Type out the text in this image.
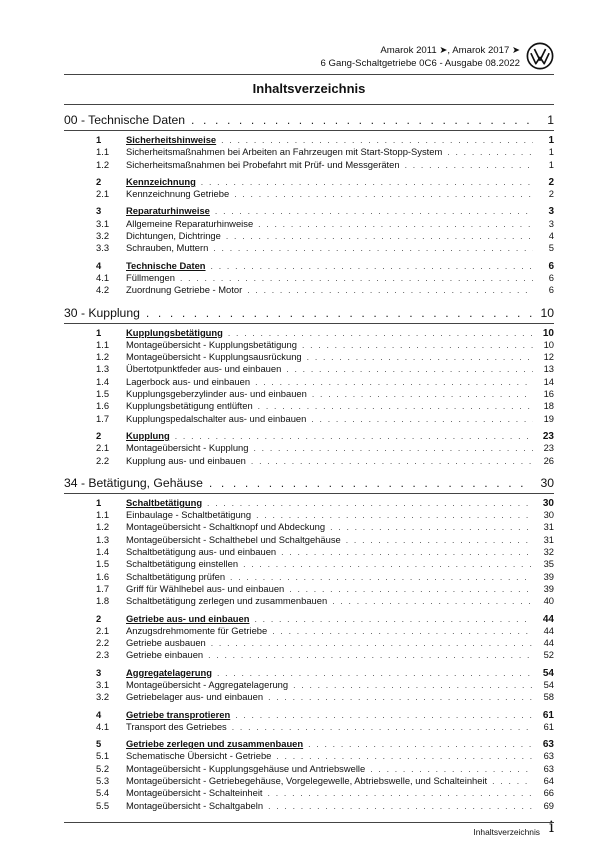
Amarok 2011 ➤, Amarok 2017 ➤
6 Gang-Schaltgetriebe 0C6 - Ausgabe 08.2022
Inhaltsverzeichnis
00 - Technische Daten . . .	1
1	Sicherheitshinweise . . .	1
1.1	Sicherheitsmaßnahmen bei Arbeiten an Fahrzeugen mit Start-Stopp-System . . .	1
1.2	Sicherheitsmaßnahmen bei Probefahrt mit Prüf- und Messgeräten . . .	1
2	Kennzeichnung . . .	2
2.1	Kennzeichnung Getriebe . . .	2
3	Reparaturhinweise . . .	3
3.1	Allgemeine Reparaturhinweise . . .	3
3.2	Dichtungen, Dichtringe . . .	4
3.3	Schrauben, Muttern . . .	5
4	Technische Daten . . .	6
4.1	Füllmengen . . .	6
4.2	Zuordnung Getriebe - Motor . . .	6
30 - Kupplung . . .	10
1	Kupplungsbetätigung . . .	10
1.1	Montageübersicht - Kupplungsbetätigung . . .	10
1.2	Montageübersicht - Kupplungsausrückung . . .	12
1.3	Übertotpunktfeder aus- und einbauen . . .	13
1.4	Lagerbock aus- und einbauen . . .	14
1.5	Kupplungsgeberzylinder aus- und einbauen . . .	16
1.6	Kupplungsbetätigung entlüften . . .	18
1.7	Kupplungspedalschalter aus- und einbauen . . .	19
2	Kupplung . . .	23
2.1	Montageübersicht - Kupplung . . .	23
2.2	Kupplung aus- und einbauen . . .	26
34 - Betätigung, Gehäuse . . .	30
1	Schaltbetätigung . . .	30
1.1	Einbaulage - Schaltbetätigung . . .	30
1.2	Montageübersicht - Schaltknopf und Abdeckung . . .	31
1.3	Montageübersicht - Schalthebel und Schaltgehäuse . . .	31
1.4	Schaltbetätigung aus- und einbauen . . .	32
1.5	Schaltbetätigung einstellen . . .	35
1.6	Schaltbetätigung prüfen . . .	39
1.7	Griff für Wählhebel aus- und einbauen . . .	39
1.8	Schaltbetätigung zerlegen und zusammenbauen . . .	40
2	Getriebe aus- und einbauen . . .	44
2.1	Anzugsdrehmomente für Getriebe . . .	44
2.2	Getriebe ausbauen . . .	44
2.3	Getriebe einbauen . . .	52
3	Aggregatelagerung . . .	54
3.1	Montageübersicht - Aggregatelagerung . . .	54
3.2	Getriebelager aus- und einbauen . . .	58
4	Getriebe transprotieren . . .	61
4.1	Transport des Getriebes . . .	61
5	Getriebe zerlegen und zusammenbauen . . .	63
5.1	Schematische Übersicht - Getriebe . . .	63
5.2	Montageübersicht - Kupplungsgehäuse und Antriebswelle . . .	63
5.3	Montageübersicht - Getriebegehäuse, Vorgelegewelle, Abtriebswelle, und Schalteinheit . . .	64
5.4	Montageübersicht - Schalteinheit . . .	66
5.5	Montageübersicht - Schaltgabeln . . .	69
Inhaltsverzeichnis i
